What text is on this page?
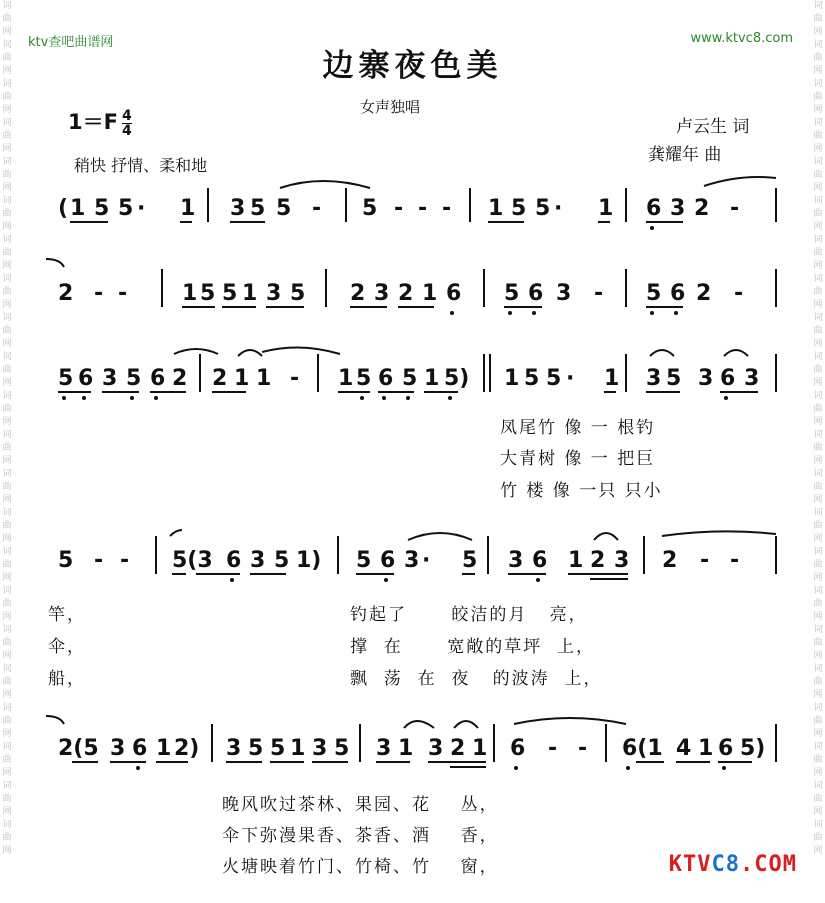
词
曲
网
词
曲
网
词
曲
网
词
曲
网
词
曲
网
词
曲
网
词
曲
网
词
曲
网
词
曲
网
词
曲
网
词
曲
网
词
曲
网
词
曲
网
词
曲
网
词
曲
网
词
曲
网
词
曲
网
词
曲
网
词
曲
网
词
曲
网
词
曲
网
词
曲
网
词
曲
网
词
曲
网
词
曲
网
词
曲
网
词
曲
网
词
曲
网
词
曲
网
词
曲
网
词
曲
网
词
曲
网
词
曲
网
词
曲
网
词
曲
网
词
曲
网
词
曲
网
词
曲
网
词
曲
网
词
曲
网
词
曲
网
词
曲
网
词
曲
网
词
曲
网
ktv查吧曲谱网	www.ktvc8.com
边寨夜色美
女声独唱
卢云生 词
龚耀年 曲
$1=F \frac{4}{4}$
稍快 抒情、柔和地
( 1 5 5 · 1 3 5 5 - 5 - - - 1 5 5 · 1 6 3 2 -
2 - - 1 5 5 1 3 5 2 3 2 1 6 5 6 3 - 5 6 2 -
5 6 3 5 6 2 2 1 1 - 1 5 6 5 1 5) 1 5 5 · 1 3 5 3 6 3
凤尾竹 像 一 根钓
大青树 像 一 把巨
竹 楼 像 一只 只小
5 - - 5(3 6 3 5 1) 5 6 3 · 5 3 6 1 2 3 2 - -
竿，
伞，
船，
钓起了      皎洁的月   亮，
撑  在      宽敞的草坪  上，
飘  荡  在  夜   的波涛  上，
2(5 3 6 1 2) 3 5 5 1 3 5 3 1 3 2 1 6 - - 6(1 4 1 6 5)
晚风吹过茶林、果园、花    丛，
伞下弥漫果香、茶香、酒    香，
火塘映着竹门、竹椅、竹    窗，	KTVC8.COM
